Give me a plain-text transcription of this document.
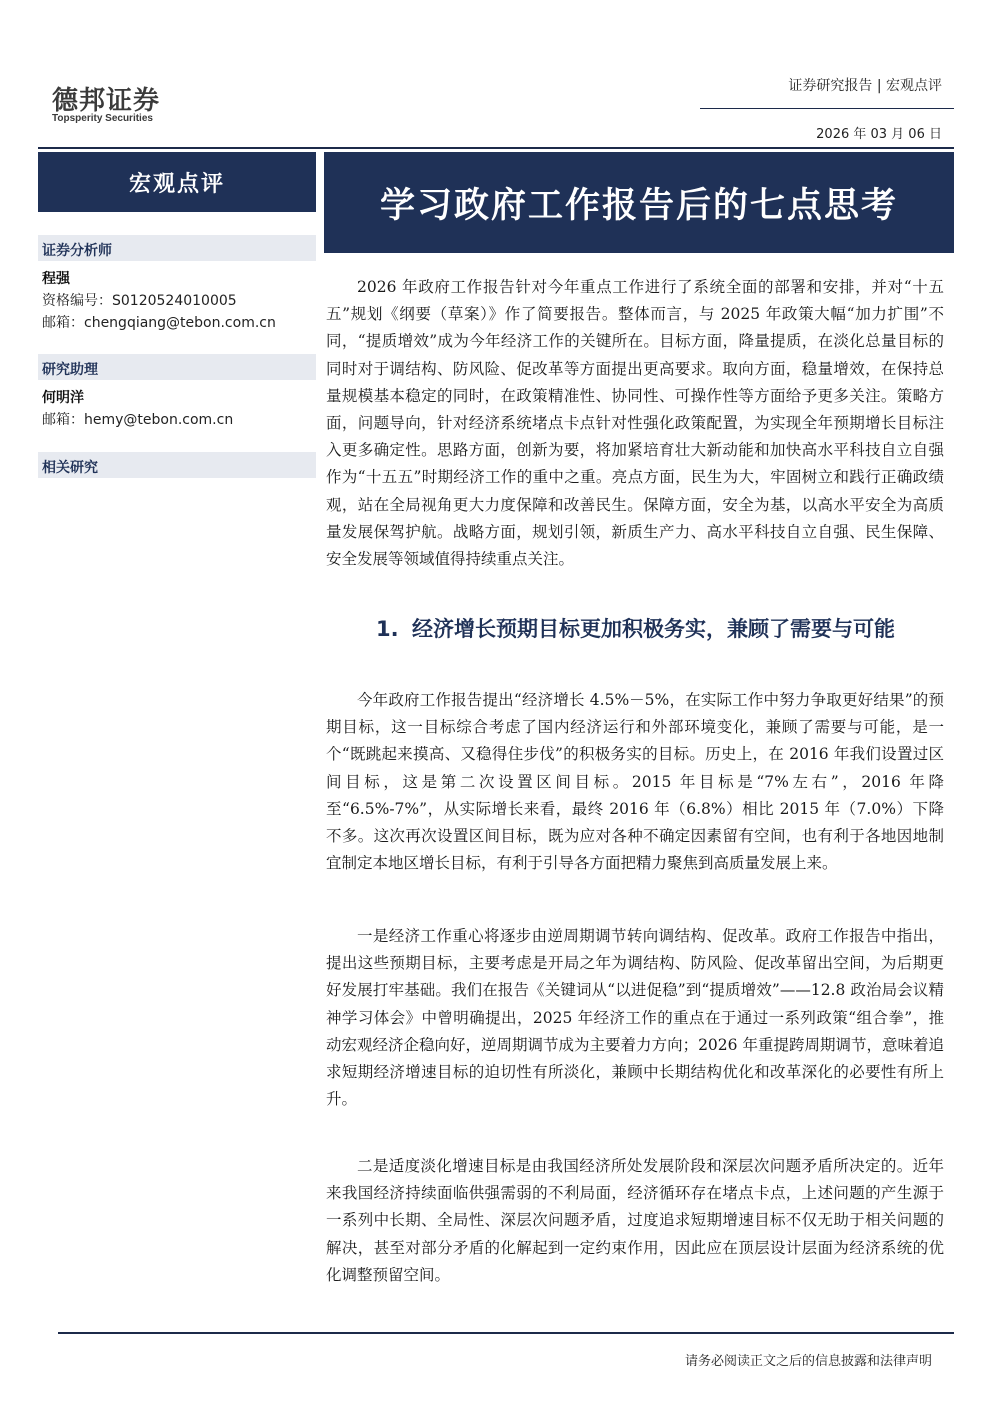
德邦证券
Topsperity Securities
证券研究报告 | 宏观点评
2026 年 03 月 06 日
宏观点评
学习政府工作报告后的七点思考
证券分析师
程强
资格编号：S0120524010005
邮箱：chengqiang@tebon.com.cn
研究助理
何明洋
邮箱：hemy@tebon.com.cn
相关研究

2026 年政府工作报告针对今年重点工作进行了系统全面的部署和安排，并对“十五五”规划《纲要（草案）》作了简要报告。整体而言，与 2025 年政策大幅“加力扩围”不同，“提质增效”成为今年经济工作的关键所在。目标方面，降量提质，在淡化总量目标的同时对于调结构、防风险、促改革等方面提出更高要求。取向方面，稳量增效，在保持总量规模基本稳定的同时，在政策精准性、协同性、可操作性等方面给予更多关注。策略方面，问题导向，针对经济系统堵点卡点针对性强化政策配置，为实现全年预期增长目标注入更多确定性。思路方面，创新为要，将加紧培育壮大新动能和加快高水平科技自立自强作为“十五五”时期经济工作的重中之重。亮点方面，民生为大，牢固树立和践行正确政绩观，站在全局视角更大力度保障和改善民生。保障方面，安全为基，以高水平安全为高质量发展保驾护航。战略方面，规划引领，新质生产力、高水平科技自立自强、民生保障、安全发展等领域值得持续重点关注。

1. 经济增长预期目标更加积极务实，兼顾了需要与可能

今年政府工作报告提出“经济增长 4.5%－5%，在实际工作中努力争取更好结果”的预期目标，这一目标综合考虑了国内经济运行和外部环境变化，兼顾了需要与可能，是一个“既跳起来摸高、又稳得住步伐”的积极务实的目标。历史上，在 2016 年我们设置过区间目标，这是第二次设置区间目标。2015 年目标是“7%左右”，2016 年降至“6.5%-7%”，从实际增长来看，最终 2016 年（6.8%）相比 2015 年（7.0%）下降不多。这次再次设置区间目标，既为应对各种不确定因素留有空间，也有利于各地因地制宜制定本地区增长目标，有利于引导各方面把精力聚焦到高质量发展上来。

一是经济工作重心将逐步由逆周期调节转向调结构、促改革。政府工作报告中指出，提出这些预期目标，主要考虑是开局之年为调结构、防风险、促改革留出空间，为后期更好发展打牢基础。我们在报告《关键词从“以进促稳”到“提质增效”——12.8 政治局会议精神学习体会》中曾明确提出，2025 年经济工作的重点在于通过一系列政策“组合拳”，推动宏观经济企稳向好，逆周期调节成为主要着力方向；2026 年重提跨周期调节，意味着追求短期经济增速目标的迫切性有所淡化，兼顾中长期结构优化和改革深化的必要性有所上升。

二是适度淡化增速目标是由我国经济所处发展阶段和深层次问题矛盾所决定的。近年来我国经济持续面临供强需弱的不利局面，经济循环存在堵点卡点，上述问题的产生源于一系列中长期、全局性、深层次问题矛盾，过度追求短期增速目标不仅无助于相关问题的解决，甚至对部分矛盾的化解起到一定约束作用，因此应在顶层设计层面为经济系统的优化调整预留空间。

请务必阅读正文之后的信息披露和法律声明
